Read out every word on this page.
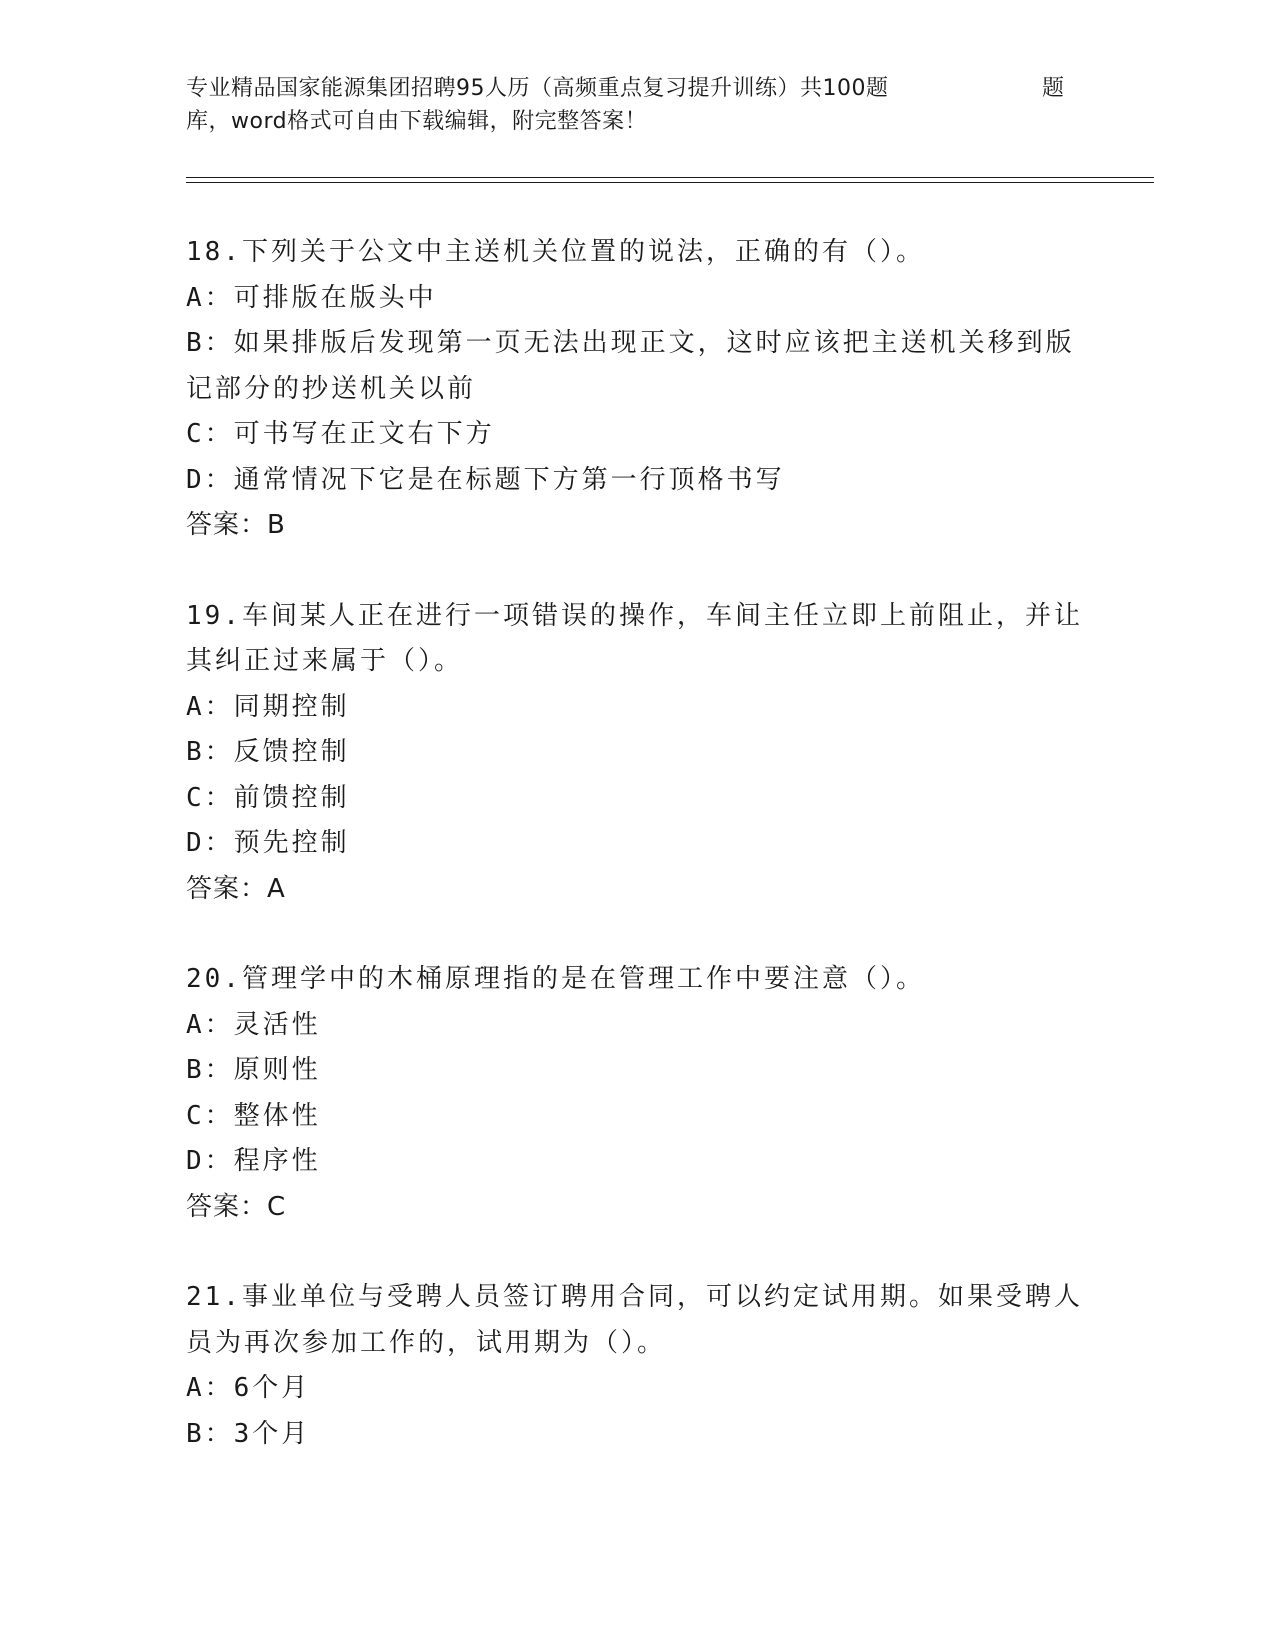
专业精品国家能源集团招聘95人历（高频重点复习提升训练）共100题	题
库，word格式可自由下载编辑，附完整答案！
18.下列关于公文中主送机关位置的说法，正确的有（）。
A：可排版在版头中
B：如果排版后发现第一页无法出现正文，这时应该把主送机关移到版
记部分的抄送机关以前
C：可书写在正文右下方
D：通常情况下它是在标题下方第一行顶格书写
答案：B
19.车间某人正在进行一项错误的操作，车间主任立即上前阻止，并让
其纠正过来属于（）。
A：同期控制
B：反馈控制
C：前馈控制
D：预先控制
答案：A
20.管理学中的木桶原理指的是在管理工作中要注意（）。
A：灵活性
B：原则性
C：整体性
D：程序性
答案：C
21.事业单位与受聘人员签订聘用合同，可以约定试用期。如果受聘人
员为再次参加工作的，试用期为（）。
A：6个月
B：3个月
